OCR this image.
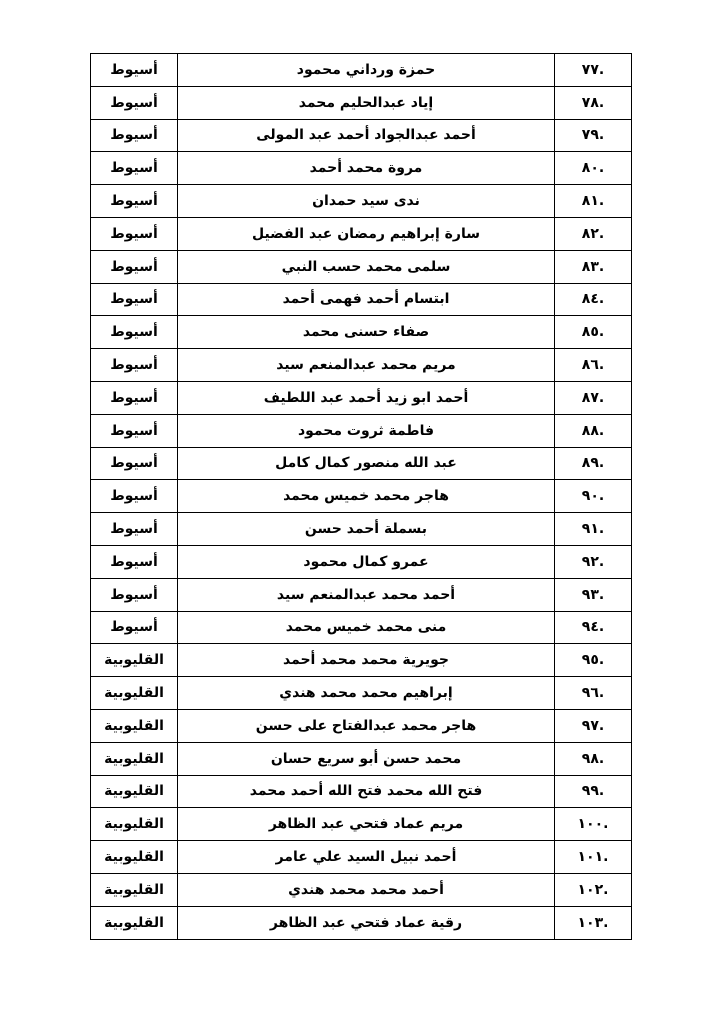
.٧٧	حمزة ورداني محمود	أسيوط
.٧٨	إياد عبدالحليم محمد	أسيوط
.٧٩	أحمد عبدالجواد أحمد عبد المولى	أسيوط
.٨٠	مروة محمد أحمد	أسيوط
.٨١	ندى سيد حمدان	أسيوط
.٨٢	سارة إبراهيم رمضان عبد الفضيل	أسيوط
.٨٣	سلمى محمد حسب النبي	أسيوط
.٨٤	ابتسام أحمد فهمى أحمد	أسيوط
.٨٥	صفاء حسنى محمد	أسيوط
.٨٦	مريم محمد عبدالمنعم سيد	أسيوط
.٨٧	أحمد ابو زيد أحمد عبد اللطيف	أسيوط
.٨٨	فاطمة ثروت محمود	أسيوط
.٨٩	عبد الله منصور كمال كامل	أسيوط
.٩٠	هاجر محمد خميس محمد	أسيوط
.٩١	بسملة أحمد حسن	أسيوط
.٩٢	عمرو كمال محمود	أسيوط
.٩٣	أحمد محمد عبدالمنعم سيد	أسيوط
.٩٤	منى محمد خميس محمد	أسيوط
.٩٥	جويرية محمد محمد أحمد	القليوبية
.٩٦	إبراهيم محمد محمد هندي	القليوبية
.٩٧	هاجر محمد عبدالفتاح على حسن	القليوبية
.٩٨	محمد حسن أبو سريع حسان	القليوبية
.٩٩	فتح الله محمد فتح الله أحمد محمد	القليوبية
.١٠٠	مريم عماد فتحي عبد الظاهر	القليوبية
.١٠١	أحمد نبيل السيد علي عامر	القليوبية
.١٠٢	أحمد محمد محمد هندي	القليوبية
.١٠٣	رقية عماد فتحي عبد الظاهر	القليوبية
